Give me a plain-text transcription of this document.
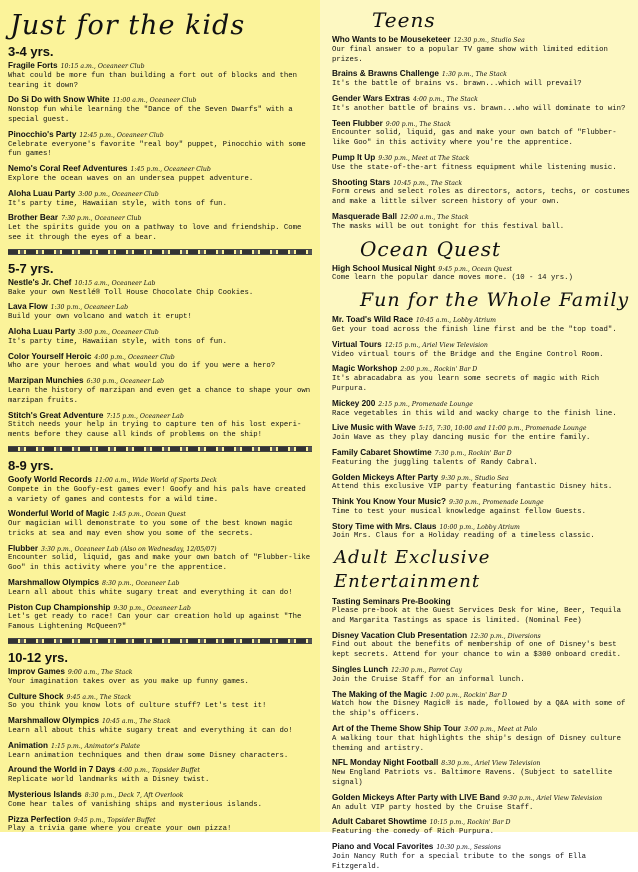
Just for the kids
3-4 yrs.
Fragile Forts 10:15 a.m., Oceaneer Club
What could be more fun than building a fort out of blocks and then tearing it down?
Do Si Do with Snow White 11:00 a.m., Oceaneer Club
Nonstop fun while learning the "Dance of the Seven Dwarfs" with a special guest.
Pinocchio's Party 12:45 p.m., Oceaneer Club
Celebrate everyone's favorite "real boy" puppet, Pinocchio with some fun games!
Nemo's Coral Reef Adventures 1:45 p.m., Oceaneer Club
Explore the ocean waves on an undersea puppet adventure.
Aloha Luau Party 3:00 p.m., Oceaneer Club
It's party time, Hawaiian style, with tons of fun.
Brother Bear 7:30 p.m., Oceaneer Club
Let the spirits guide you on a pathway to love and friendship. Come see it through the eyes of a bear.
5-7 yrs.
Nestle's Jr. Chef 10:15 a.m., Oceaneer Lab
Bake your own Nestlé® Toll House Chocolate Chip Cookies.
Lava Flow 1:30 p.m., Oceaneer Lab
Build your own volcano and watch it erupt!
Aloha Luau Party 3:00 p.m., Oceaneer Club
It's party time, Hawaiian style, with tons of fun.
Color Yourself Heroic 4:00 p.m., Oceaneer Club
Who are your heroes and what would you do if you were a hero?
Marzipan Munchies 6:30 p.m., Oceaneer Lab
Learn the history of marzipan and even get a chance to shape your own marzipan fruits.
Stitch's Great Adventure 7:15 p.m., Oceaneer Lab
Stitch needs your help in trying to capture ten of his lost experi-ments before they cause all kinds of problems on the ship!
8-9 yrs.
Goofy World Records 11:00 a.m., Wide World of Sports Deck
Compete in the Goofy-est games ever! Goofy and his pals have created a variety of games and contests for a wild time.
Wonderful World of Magic 1:45 p.m., Ocean Quest
Our magician will demonstrate to you some of the best known magic tricks at sea and may even show you some of the secrets.
Flubber 3:30 p.m., Oceaneer Lab (Also on Wednesday, 12/05/07)
Encounter solid, liquid, gas and make your own batch of "Flubber-like Goo" in this activity where you're the apprentice.
Marshmallow Olympics 8:30 p.m., Oceaneer Lab
Learn all about this white sugary treat and everything it can do!
Piston Cup Championship 9:30 p.m., Oceaneer Lab
Let's get ready to race! Can your car creation hold up against "The Famous Lightening McQueen?"
10-12 yrs.
Improv Games 9:00 a.m., The Stack
Your imagination takes over as you make up funny games.
Culture Shock 9:45 a.m., The Stack
So you think you know lots of culture stuff? Let's test it!
Marshmallow Olympics 10:45 a.m., The Stack
Learn all about this white sugary treat and everything it can do!
Animation 1:15 p.m., Animator's Palate
Learn animation techniques and then draw some Disney characters.
Around the World in 7 Days 4:00 p.m., Topsider Buffet
Replicate world landmarks with a Disney twist.
Mysterious Islands 8:30 p.m., Deck 7, Aft Overlook
Come hear tales of vanishing ships and mysterious islands.
Pizza Perfection 9:45 p.m., Topsider Buffet
Play a trivia game where you create your own pizza!
Teens
Who Wants to be Mouseketeer 12:30 p.m., Studio Sea
Our final answer to a popular TV game show with limited edition prizes.
Brains & Brawns Challenge 1:30 p.m., The Stack
It's the battle of brains vs. brawn...which will prevail?
Gender Wars Extras 4:00 p.m., The Stack
It's another battle of brains vs. brawn...who will dominate to win?
Teen Flubber 9:00 p.m., The Stack
Encounter solid, liquid, gas and make your own batch of "Flubber-like Goo" in this activity where you're the apprentice.
Pump It Up 9:30 p.m., Meet at The Stack
Use the state-of-the-art fitness equipment while listening music.
Shooting Stars 10:45 p.m., The Stack
Form crews and select roles as directors, actors, techs, or costumes and make a little silver screen history of your own.
Masquerade Ball 12:00 a.m., The Stack
The masks will be out tonight for this festival ball.
Ocean Quest
High School Musical Night 9:45 p.m., Ocean Quest
Come learn the popular dance moves more. (10 - 14 yrs.)
Fun for the Whole Family
Mr. Toad's Wild Race 10:45 a.m., Lobby Atrium
Get your toad across the finish line first and be the "top toad".
Virtual Tours 12:15 p.m., Ariel View Television
Video virtual tours of the Bridge and the Engine Control Room.
Magic Workshop 2:00 p.m., Rockin' Bar D
It's abracadabra as you learn some secrets of magic with Rich Purpura.
Mickey 200 2:15 p.m., Promenade Lounge
Race vegetables in this wild and wacky charge to the finish line.
Live Music with Wave 5:15, 7:30, 10:00 and 11:00 p.m., Promenade Lounge
Join Wave as they play dancing music for the entire family.
Family Cabaret Showtime 7:30 p.m., Rockin' Bar D
Featuring the juggling talents of Randy Cabral.
Golden Mickeys After Party 9:30 p.m., Studio Sea
Attend this exclusive VIP party featuring fantastic Disney hits.
Think You Know Your Music? 9:30 p.m., Promenade Lounge
Time to test your musical knowledge against fellow Guests.
Story Time with Mrs. Claus 10:00 p.m., Lobby Atrium
Join Mrs. Claus for a Holiday reading of a timeless classic.
Adult Exclusive Entertainment
Tasting Seminars Pre-Booking
Please pre-book at the Guest Services Desk for Wine, Beer, Tequila and Margarita Tastings as space is limited. (Nominal Fee)
Disney Vacation Club Presentation 12:30 p.m., Diversions
Find out about the benefits of membership of one of Disney's best kept secrets. Attend for your chance to win a $300 onboard credit.
Singles Lunch 12:30 p.m., Parrot Cay
Join the Cruise Staff for an informal lunch.
The Making of the Magic 1:00 p.m., Rockin' Bar D
Watch how the Disney Magic® is made, followed by a Q&A with some of the ship's officers.
Art of the Theme Show Ship Tour 3:00 p.m., Meet at Palo
A walking tour that highlights the ship's design of Disney culture theming and artistry.
NFL Monday Night Football 8:30 p.m., Ariel View Television
New England Patriots vs. Baltimore Ravens. (Subject to satellite signal)
Golden Mickeys After Party with LIVE Band 9:30 p.m., Ariel View Television
An adult VIP party hosted by the Cruise Staff.
Adult Cabaret Showtime 10:15 p.m., Rockin' Bar D
Featuring the comedy of Rich Purpura.
Piano and Vocal Favorites 10:30 p.m., Sessions
Join Nancy Ruth for a special tribute to the songs of Ella Fitzgerald.
